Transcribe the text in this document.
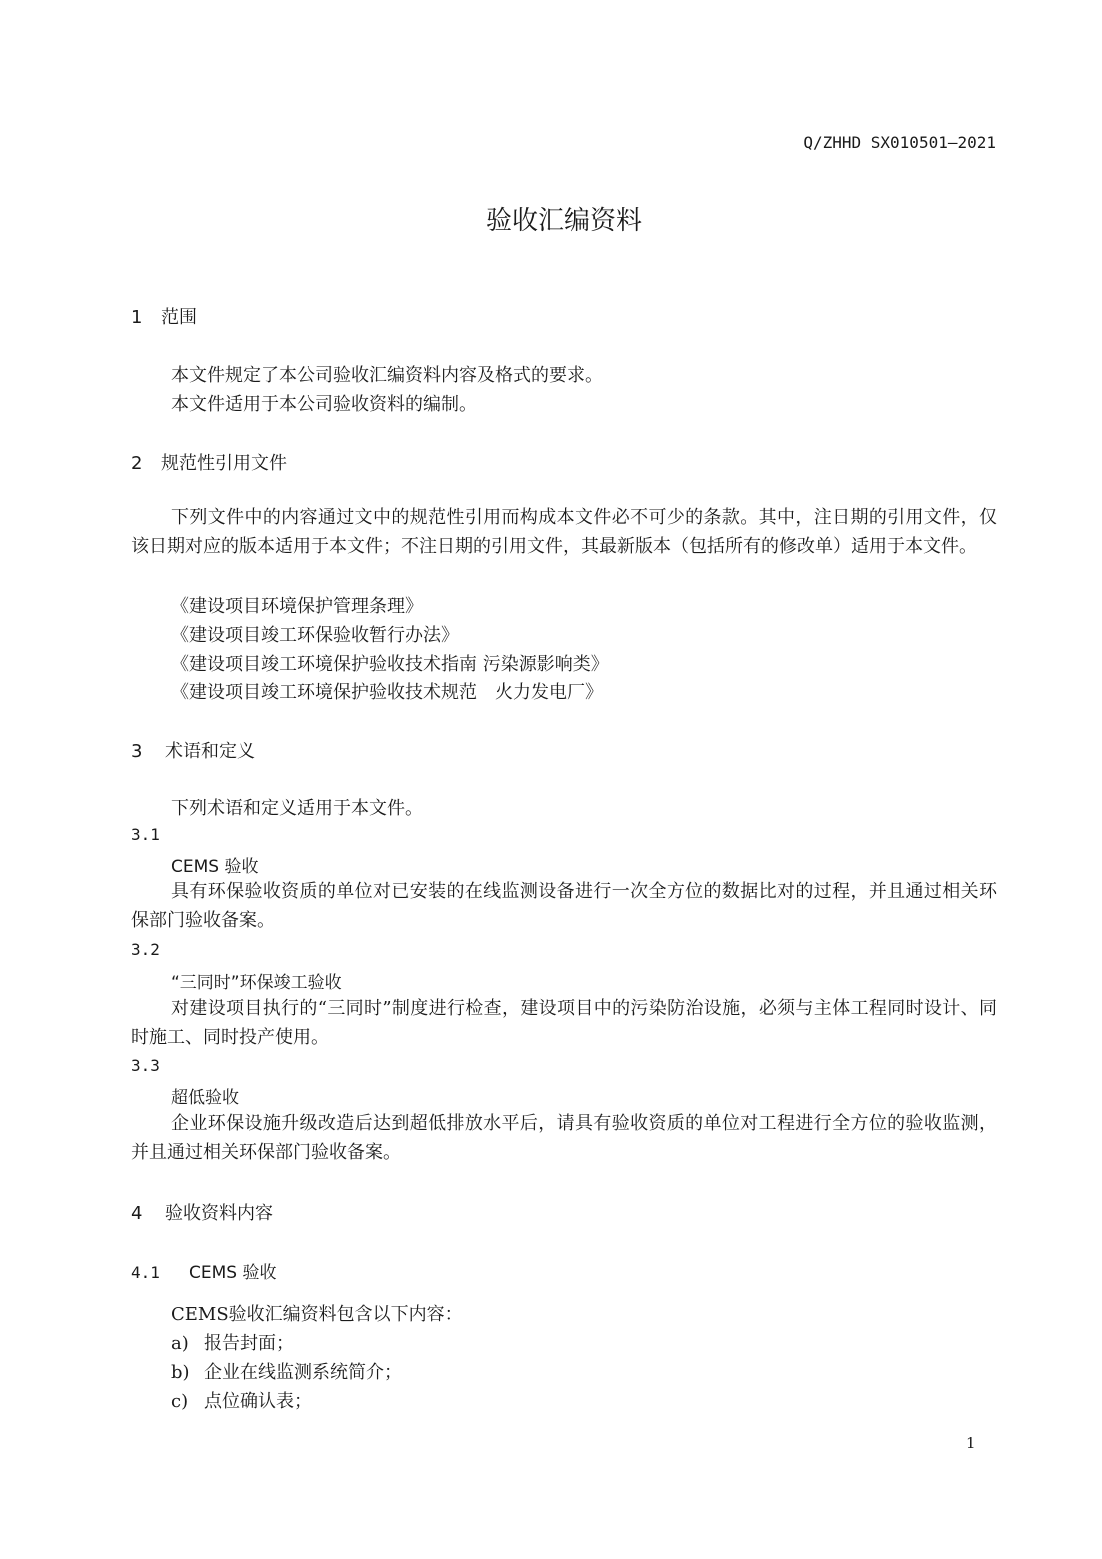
Q/ZHHD SX010501—2021
验收汇编资料
1 范围
本文件规定了本公司验收汇编资料内容及格式的要求。
本文件适用于本公司验收资料的编制。
2 规范性引用文件
下列文件中的内容通过文中的规范性引用而构成本文件必不可少的条款。其中，注日期的引用文件，仅该日期对应的版本适用于本文件；不注日期的引用文件，其最新版本（包括所有的修改单）适用于本文件。
《建设项目环境保护管理条理》
《建设项目竣工环保验收暂行办法》
《建设项目竣工环境保护验收技术指南 污染源影响类》
《建设项目竣工环境保护验收技术规范　火力发电厂》
3 术语和定义
下列术语和定义适用于本文件。
3.1
CEMS 验收
具有环保验收资质的单位对已安装的在线监测设备进行一次全方位的数据比对的过程，并且通过相关环保部门验收备案。
3.2
“三同时”环保竣工验收
对建设项目执行的“三同时”制度进行检查，建设项目中的污染防治设施，必须与主体工程同时设计、同时施工、同时投产使用。
3.3
超低验收
企业环保设施升级改造后达到超低排放水平后，请具有验收资质的单位对工程进行全方位的验收监测，并且通过相关环保部门验收备案。
4 验收资料内容
4.1 CEMS 验收
CEMS验收汇编资料包含以下内容：
a) 报告封面；
b) 企业在线监测系统简介；
c) 点位确认表；
1
